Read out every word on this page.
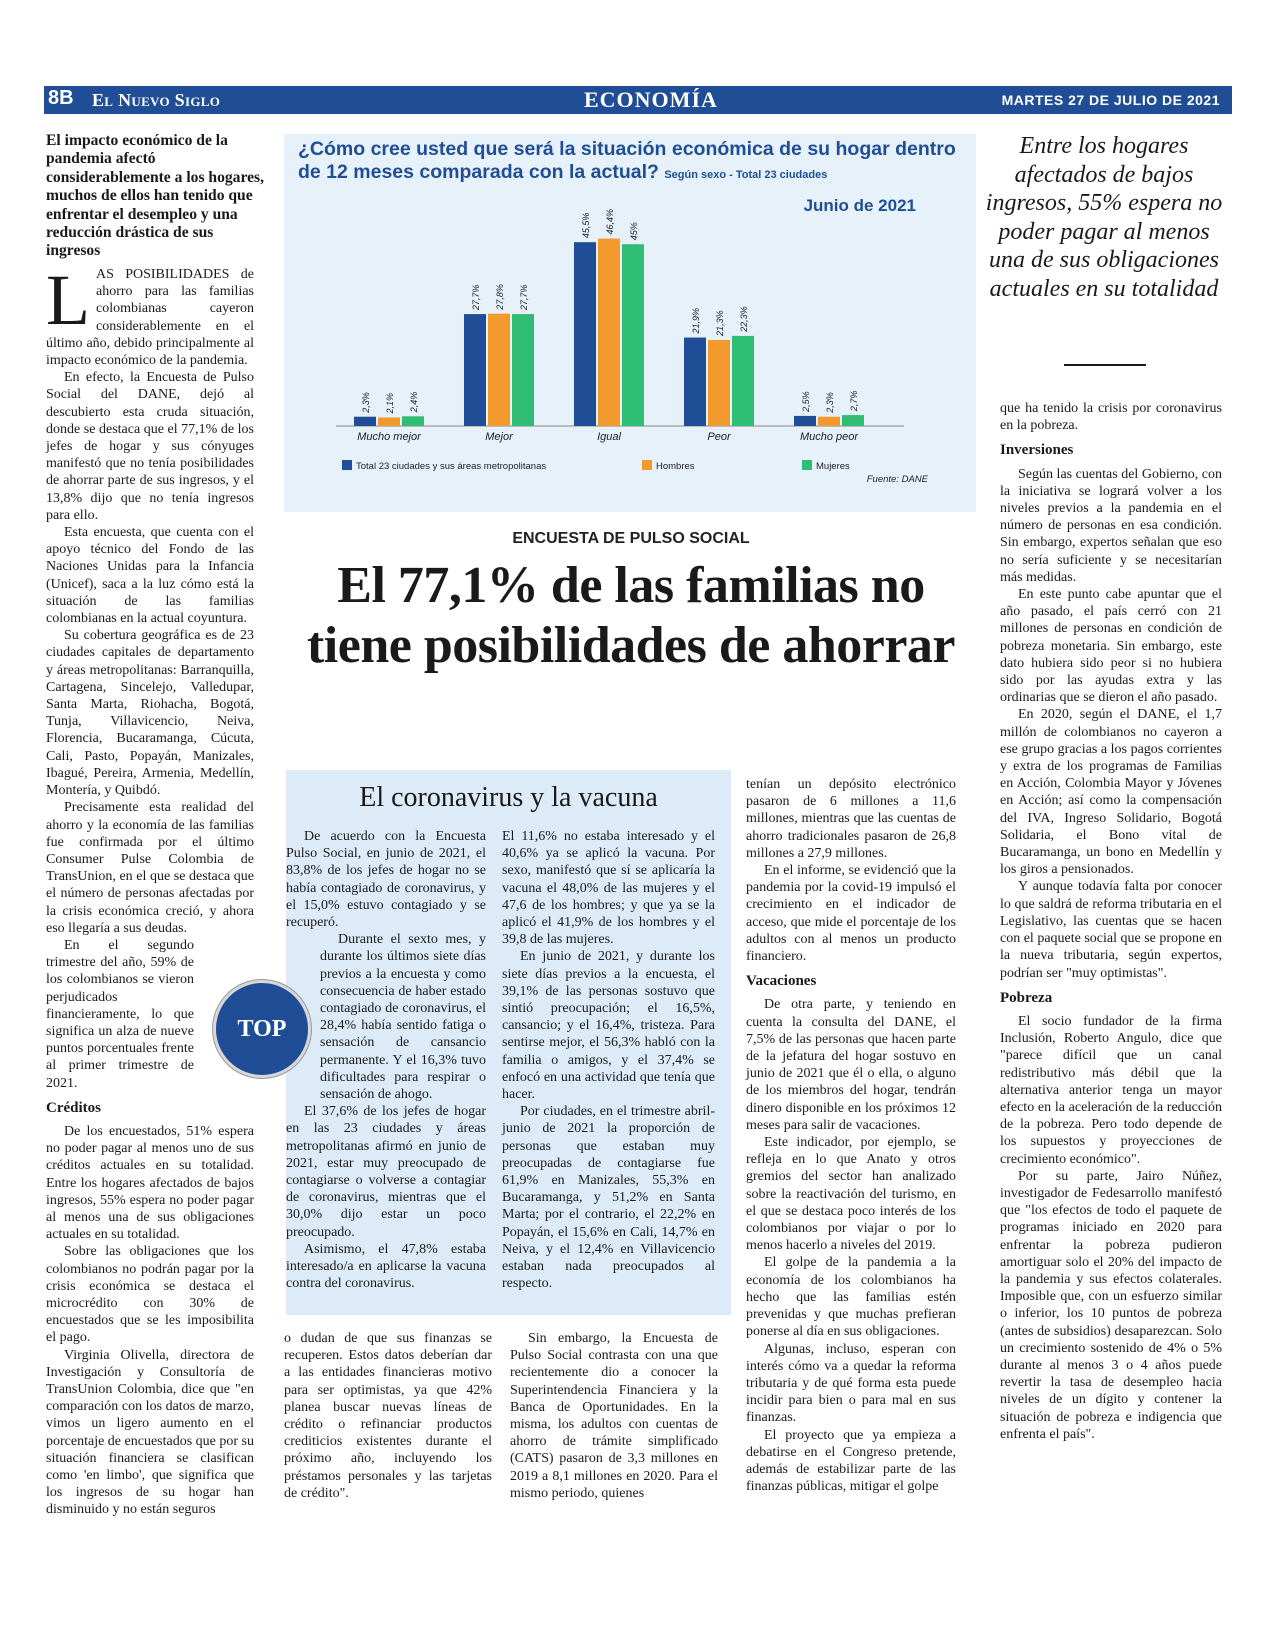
8B El Nuevo Siglo	ECONOMÍA	MARTES 27 DE JULIO DE 2021
El impacto económico de la pandemia afectó considerablemente a los hogares, muchos de ellos han tenido que enfrentar el desempleo y una reducción drástica de sus ingresos
L AS POSIBILIDADES de ahorro para las familias colombianas cayeron considerablemente en el último año, debido principalmente al impacto económico de la pandemia.

En efecto, la Encuesta de Pulso Social del DANE, dejó al descubierto esta cruda situación, donde se destaca que el 77,1% de los jefes de hogar y sus cónyuges manifestó que no tenía posibilidades de ahorrar parte de sus ingresos, y el 13,8% dijo que no tenía ingresos para ello.

Esta encuesta, que cuenta con el apoyo técnico del Fondo de las Naciones Unidas para la Infancia (Unicef), saca a la luz cómo está la situación de las familias colombianas en la actual coyuntura.

Su cobertura geográfica es de 23 ciudades capitales de departamento y áreas metropolitanas: Barranquilla, Cartagena, Sincelejo, Valledupar, Santa Marta, Riohacha, Bogotá, Tunja, Villavicencio, Neiva, Florencia, Bucaramanga, Cúcuta, Cali, Pasto, Popayán, Manizales, Ibagué, Pereira, Armenia, Medellín, Montería, y Quibdó.

Precisamente esta realidad del ahorro y la economía de las familias fue confirmada por el último Consumer Pulse Colombia de TransUnion, en el que se destaca que el número de personas afectadas por la crisis económica creció, y ahora eso llegaría a sus deudas.

En el segundo trimestre del año, 59% de los colombianos se vieron perjudicados financieramente, lo que significa un alza de nueve puntos porcentuales frente al primer trimestre de 2021.

Créditos

De los encuestados, 51% espera no poder pagar al menos uno de sus créditos actuales en su totalidad. Entre los hogares afectados de bajos ingresos, 55% espera no poder pagar al menos una de sus obligaciones actuales en su totalidad.

Sobre las obligaciones que los colombianos no podrán pagar por la crisis económica se destaca el microcrédito con 30% de encuestados que se les imposibilita el pago.

Virginia Olivella, directora de Investigación y Consultoría de TransUnion Colombia, dice que "en comparación con los datos de marzo, vimos un ligero aumento en el porcentaje de encuestados que por su situación financiera se clasifican como 'en limbo', que significa que los ingresos de su hogar han disminuido y no están seguros

¿Cómo cree usted que será la situación económica de su hogar dentro de 12 meses comparada con la actual? Según sexo - Total 23 ciudades
Junio de 2021
2,3% 2,1% 2,4%
Mucho mejor
27,7% 27,8% 27,7%
Mejor
45,5% 46,4% 45%
Igual
21,9% 21,3% 22,3%
Peor
2,5% 2,3% 2,7%
Mucho peor
Total 23 ciudades y sus áreas metropolitanas	Hombres	Mujeres
Fuente: DANE
ENCUESTA DE PULSO SOCIAL
El 77,1% de las familias no tiene posibilidades de ahorrar
El coronavirus y la vacuna

De acuerdo con la Encuesta Pulso Social, en junio de 2021, el 83,8% de los jefes de hogar no se había contagiado de coronavirus, y el 15,0% estuvo contagiado y se recuperó.

Durante el sexto mes, y durante los últimos siete días previos a la encuesta y como consecuencia de haber estado contagiado de coronavirus, el 28,4% había sentido fatiga o sensación de cansancio permanente. Y el 16,3% tuvo dificultades para respirar o sensación de ahogo.

El 37,6% de los jefes de hogar en las 23 ciudades y áreas metropolitanas afirmó en junio de 2021, estar muy preocupado de contagiarse o volverse a contagiar de coronavirus, mientras que el 30,0% dijo estar un poco preocupado.

Asimismo, el 47,8% estaba interesado/a en aplicarse la vacuna contra del coronavirus.

El 11,6% no estaba interesado y el 40,6% ya se aplicó la vacuna. Por sexo, manifestó que sí se aplicaría la vacuna el 48,0% de las mujeres y el 47,6 de los hombres; y que ya se la aplicó el 41,9% de los hombres y el 39,8 de las mujeres.

En junio de 2021, y durante los siete días previos a la encuesta, el 39,1% de las personas sostuvo que sintió preocupación; el 16,5%, cansancio; y el 16,4%, tristeza. Para sentirse mejor, el 56,3% habló con la familia o amigos, y el 37,4% se enfocó en una actividad que tenía que hacer.

Por ciudades, en el trimestre abril-junio de 2021 la proporción de personas que estaban muy preocupadas de contagiarse fue 61,9% en Manizales, 55,3% en Bucaramanga, y 51,2% en Santa Marta; por el contrario, el 22,2% en Popayán, el 15,6% en Cali, 14,7% en Neiva, y el 12,4% en Villavicencio estaban nada preocupados al respecto.

TOP

o dudan de que sus finanzas se recuperen. Estos datos deberían dar a las entidades financieras motivo para ser optimistas, ya que 42% planea buscar nuevas líneas de crédito o refinanciar productos crediticios existentes durante el próximo año, incluyendo los préstamos personales y las tarjetas de crédito".

Sin embargo, la Encuesta de Pulso Social contrasta con una que recientemente dio a conocer la Superintendencia Financiera y la Banca de Oportunidades. En la misma, los adultos con cuentas de ahorro de trámite simplificado (CATS) pasaron de 3,3 millones en 2019 a 8,1 millones en 2020. Para el mismo periodo, quienes

tenían un depósito electrónico pasaron de 6 millones a 11,6 millones, mientras que las cuentas de ahorro tradicionales pasaron de 26,8 millones a 27,9 millones.

En el informe, se evidenció que la pandemia por la covid-19 impulsó el crecimiento en el indicador de acceso, que mide el porcentaje de los adultos con al menos un producto financiero.

Vacaciones

De otra parte, y teniendo en cuenta la consulta del DANE, el 7,5% de las personas que hacen parte de la jefatura del hogar sostuvo en junio de 2021 que él o ella, o alguno de los miembros del hogar, tendrán dinero disponible en los próximos 12 meses para salir de vacaciones.

Este indicador, por ejemplo, se refleja en lo que Anato y otros gremios del sector han analizado sobre la reactivación del turismo, en el que se destaca poco interés de los colombianos por viajar o por lo menos hacerlo a niveles del 2019.

El golpe de la pandemia a la economía de los colombianos ha hecho que las familias estén prevenidas y que muchas prefieran ponerse al día en sus obligaciones.

Algunas, incluso, esperan con interés cómo va a quedar la reforma tributaria y de qué forma esta puede incidir para bien o para mal en sus finanzas.

El proyecto que ya empieza a debatirse en el Congreso pretende, además de estabilizar parte de las finanzas públicas, mitigar el golpe

Entre los hogares afectados de bajos ingresos, 55% espera no poder pagar al menos una de sus obligaciones actuales en su totalidad

que ha tenido la crisis por coronavirus en la pobreza.

Inversiones

Según las cuentas del Gobierno, con la iniciativa se logrará volver a los niveles previos a la pandemia en el número de personas en esa condición. Sin embargo, expertos señalan que eso no sería suficiente y se necesitarían más medidas.

En este punto cabe apuntar que el año pasado, el país cerró con 21 millones de personas en condición de pobreza monetaria. Sin embargo, este dato hubiera sido peor si no hubiera sido por las ayudas extra y las ordinarias que se dieron el año pasado.

En 2020, según el DANE, el 1,7 millón de colombianos no cayeron a ese grupo gracias a los pagos corrientes y extra de los programas de Familias en Acción, Colombia Mayor y Jóvenes en Acción; así como la compensación del IVA, Ingreso Solidario, Bogotá Solidaria, el Bono vital de Bucaramanga, un bono en Medellín y los giros a pensionados.

Y aunque todavía falta por conocer lo que saldrá de reforma tributaria en el Legislativo, las cuentas que se hacen con el paquete social que se propone en la nueva tributaria, según expertos, podrían ser "muy optimistas".

Pobreza

El socio fundador de la firma Inclusión, Roberto Angulo, dice que "parece difícil que un canal redistributivo más débil que la alternativa anterior tenga un mayor efecto en la aceleración de la reducción de la pobreza. Pero todo depende de los supuestos y proyecciones de crecimiento económico".

Por su parte, Jairo Núñez, investigador de Fedesarrollo manifestó que "los efectos de todo el paquete de programas iniciado en 2020 para enfrentar la pobreza pudieron amortiguar solo el 20% del impacto de la pandemia y sus efectos colaterales. Imposible que, con un esfuerzo similar o inferior, los 10 puntos de pobreza (antes de subsidios) desaparezcan. Solo un crecimiento sostenido de 4% o 5% durante al menos 3 o 4 años puede revertir la tasa de desempleo hacia niveles de un dígito y contener la situación de pobreza e indigencia que enfrenta el país".
